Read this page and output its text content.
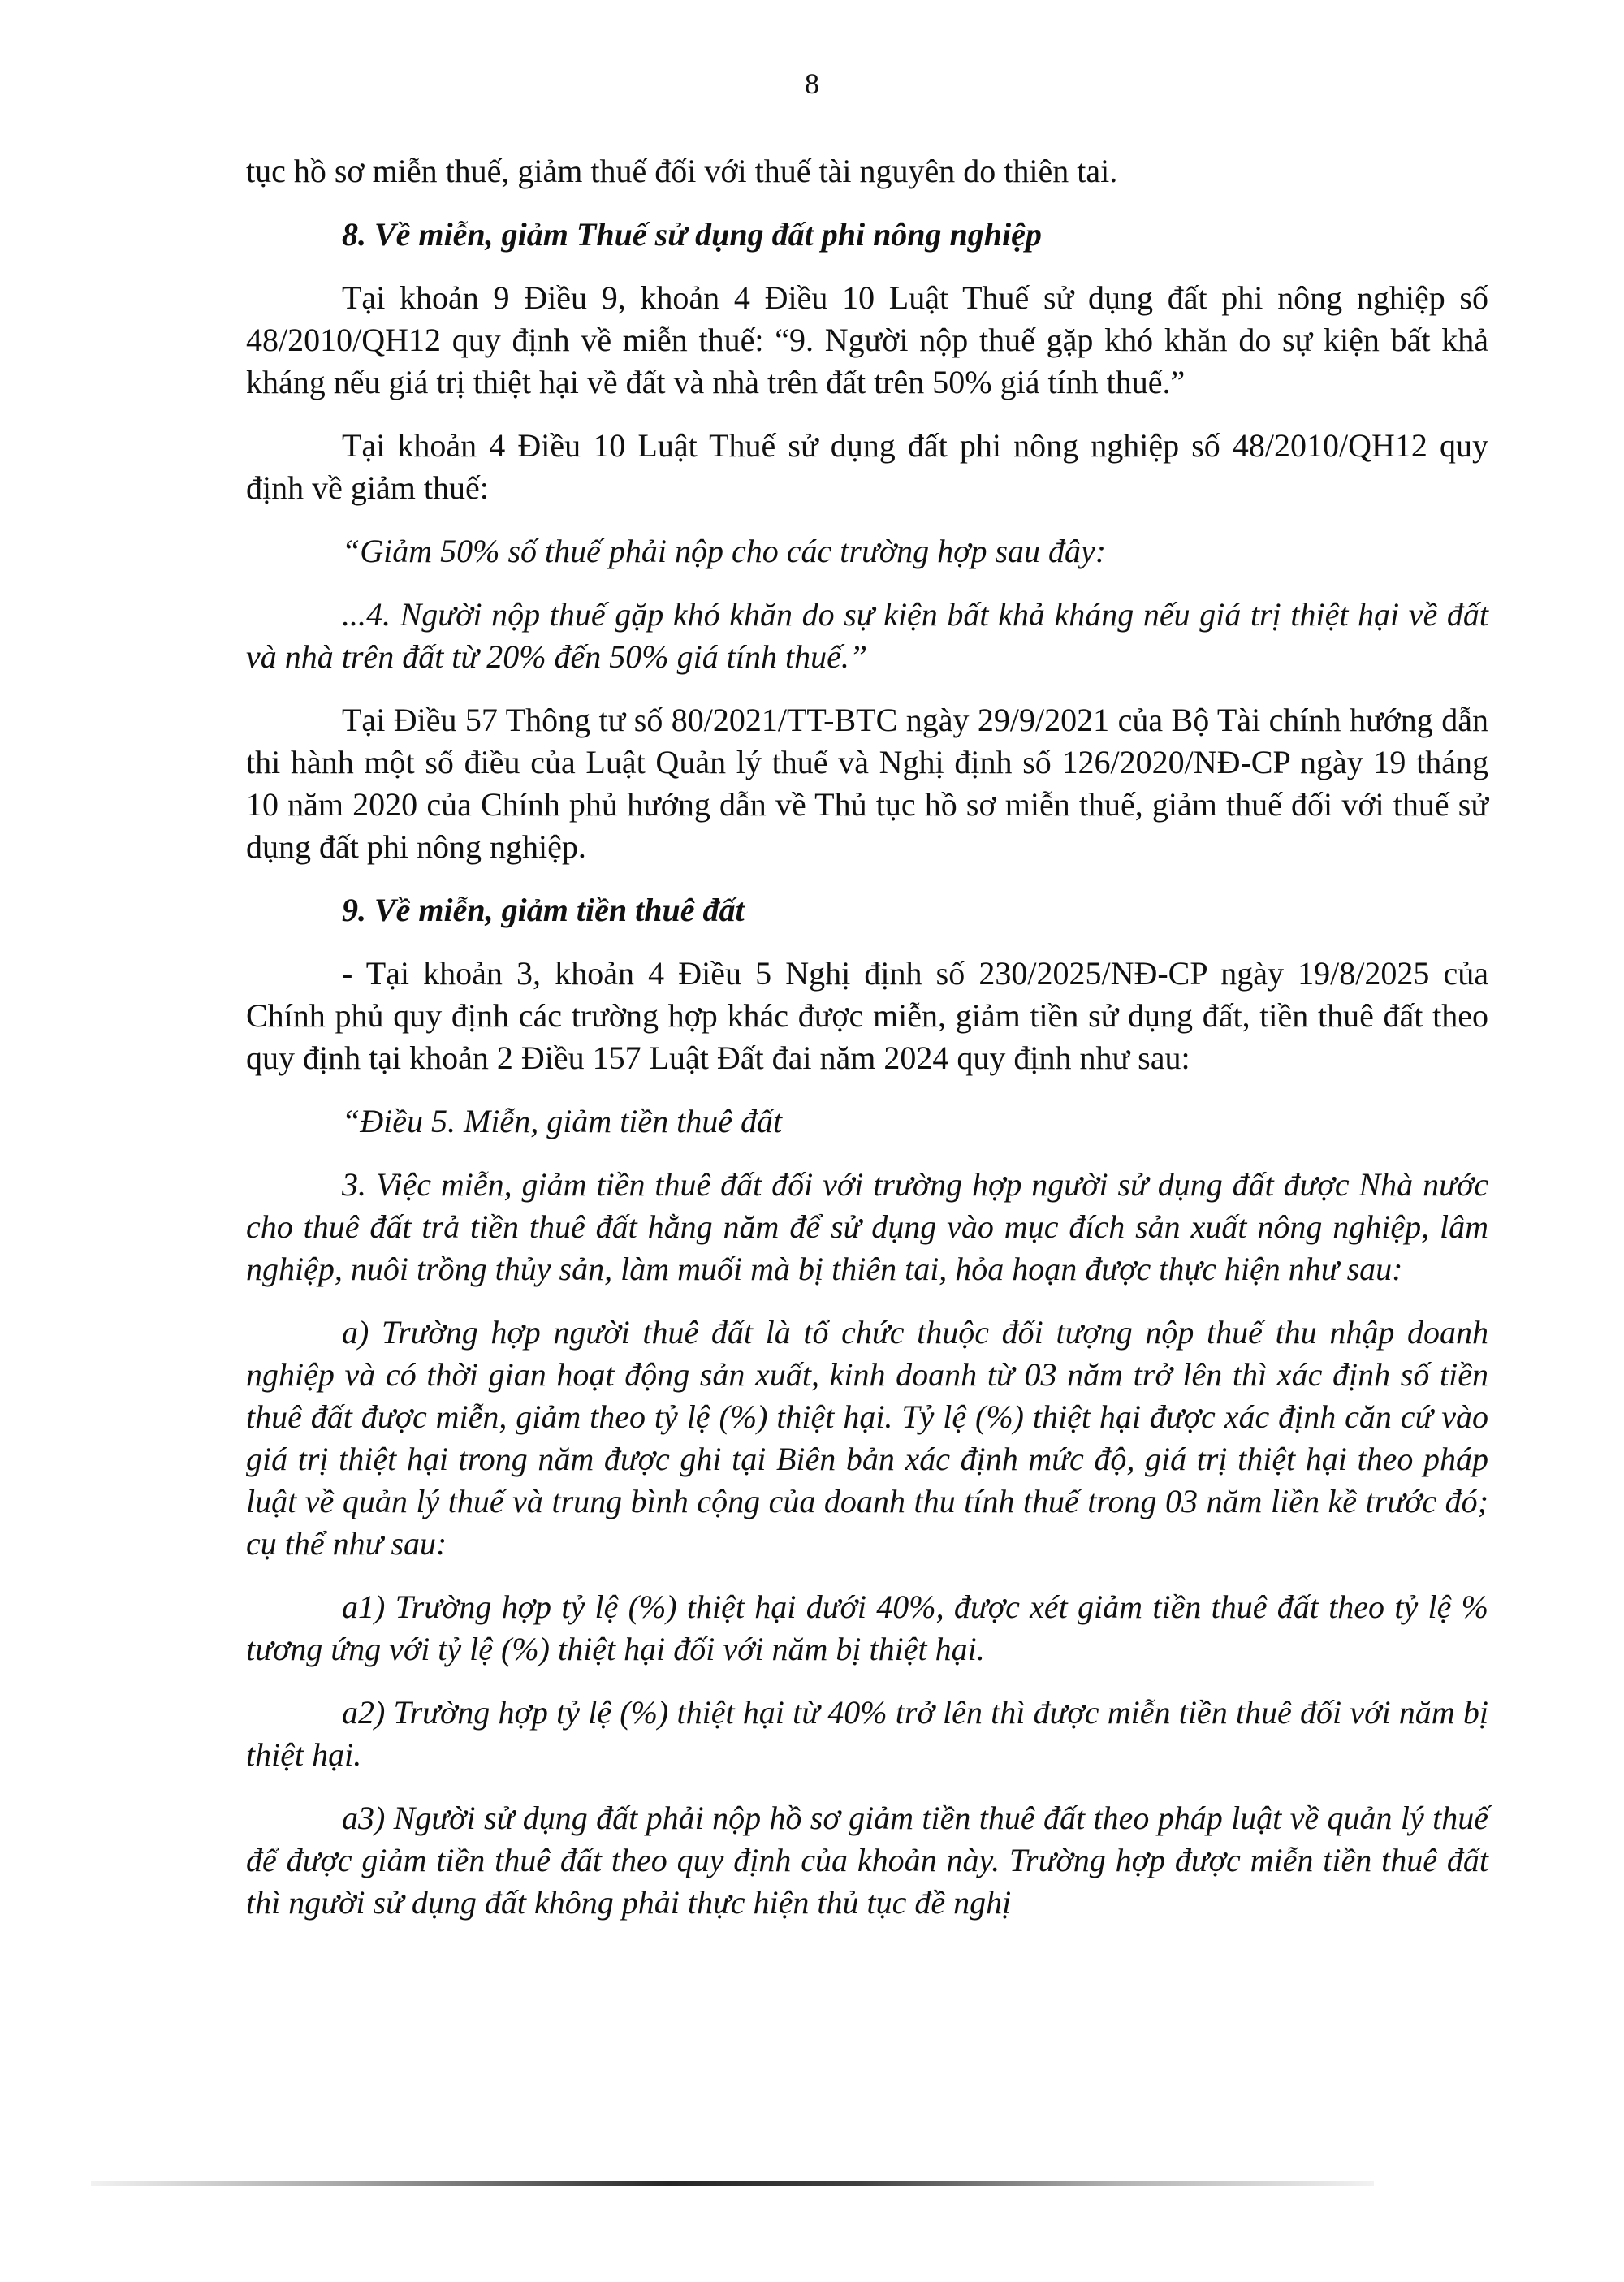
8

tục hồ sơ miễn thuế, giảm thuế đối với thuế tài nguyên do thiên tai.

8. Về miễn, giảm Thuế sử dụng đất phi nông nghiệp

Tại khoản 9 Điều 9, khoản 4 Điều 10 Luật Thuế sử dụng đất phi nông nghiệp số 48/2010/QH12 quy định về miễn thuế: “9. Người nộp thuế gặp khó khăn do sự kiện bất khả kháng nếu giá trị thiệt hại về đất và nhà trên đất trên 50% giá tính thuế.”

Tại khoản 4 Điều 10 Luật Thuế sử dụng đất phi nông nghiệp số 48/2010/QH12 quy định về giảm thuế:

“Giảm 50% số thuế phải nộp cho các trường hợp sau đây:

...4. Người nộp thuế gặp khó khăn do sự kiện bất khả kháng nếu giá trị thiệt hại về đất và nhà trên đất từ 20% đến 50% giá tính thuế.”

Tại Điều 57 Thông tư số 80/2021/TT-BTC ngày 29/9/2021 của Bộ Tài chính hướng dẫn thi hành một số điều của Luật Quản lý thuế và Nghị định số 126/2020/NĐ-CP ngày 19 tháng 10 năm 2020 của Chính phủ hướng dẫn về Thủ tục hồ sơ miễn thuế, giảm thuế đối với thuế sử dụng đất phi nông nghiệp.

9. Về miễn, giảm tiền thuê đất

- Tại khoản 3, khoản 4 Điều 5 Nghị định số 230/2025/NĐ-CP ngày 19/8/2025 của Chính phủ quy định các trường hợp khác được miễn, giảm tiền sử dụng đất, tiền thuê đất theo quy định tại khoản 2 Điều 157 Luật Đất đai năm 2024 quy định như sau:

“Điều 5. Miễn, giảm tiền thuê đất

3. Việc miễn, giảm tiền thuê đất đối với trường hợp người sử dụng đất được Nhà nước cho thuê đất trả tiền thuê đất hằng năm để sử dụng vào mục đích sản xuất nông nghiệp, lâm nghiệp, nuôi trồng thủy sản, làm muối mà bị thiên tai, hỏa hoạn được thực hiện như sau:

a) Trường hợp người thuê đất là tổ chức thuộc đối tượng nộp thuế thu nhập doanh nghiệp và có thời gian hoạt động sản xuất, kinh doanh từ 03 năm trở lên thì xác định số tiền thuê đất được miễn, giảm theo tỷ lệ (%) thiệt hại. Tỷ lệ (%) thiệt hại được xác định căn cứ vào giá trị thiệt hại trong năm được ghi tại Biên bản xác định mức độ, giá trị thiệt hại theo pháp luật về quản lý thuế và trung bình cộng của doanh thu tính thuế trong 03 năm liền kề trước đó; cụ thể như sau:

a1) Trường hợp tỷ lệ (%) thiệt hại dưới 40%, được xét giảm tiền thuê đất theo tỷ lệ % tương ứng với tỷ lệ (%) thiệt hại đối với năm bị thiệt hại.

a2) Trường hợp tỷ lệ (%) thiệt hại từ 40% trở lên thì được miễn tiền thuê đối với năm bị thiệt hại.

a3) Người sử dụng đất phải nộp hồ sơ giảm tiền thuê đất theo pháp luật về quản lý thuế để được giảm tiền thuê đất theo quy định của khoản này. Trường hợp được miễn tiền thuê đất thì người sử dụng đất không phải thực hiện thủ tục đề nghị
